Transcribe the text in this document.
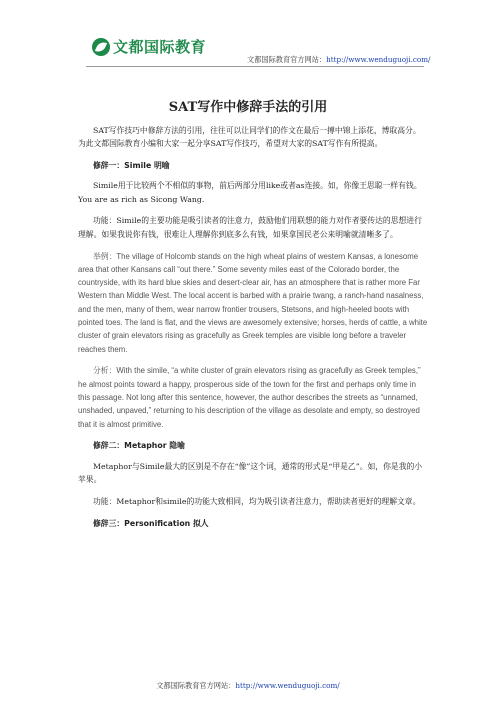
文都国际教育
文都国际教育官方网站：http://www.wenduguoji.com/
SAT写作中修辞手法的引用

SAT写作技巧中修辞方法的引用，往往可以让同学们的作文在最后一搏中锦上添花，博取高分。为此文都国际教育小编和大家一起分享SAT写作技巧，希望对大家的SAT写作有所提高。

修辞一：Simile 明喻

Simile用于比较两个不相似的事物，前后两部分用like或者as连接。如，你像王思聪一样有钱。You are as rich as Sicong Wang.

功能：Simile的主要功能是吸引读者的注意力，鼓励他们用联想的能力对作者要传达的思想进行理解。如果我说你有钱，很难让人理解你到底多么有钱，如果拿国民老公来明喻就清晰多了。

举例：The village of Holcomb stands on the high wheat plains of western Kansas, a lonesome area that other Kansans call “out there.” Some seventy miles east of the Colorado border, the countryside, with its hard blue skies and desert-clear air, has an atmosphere that is rather more Far Western than Middle West. The local accent is barbed with a prairie twang, a ranch-hand nasalness, and the men, many of them, wear narrow frontier trousers, Stetsons, and high-heeled boots with pointed toes. The land is flat, and the views are awesomely extensive; horses, herds of cattle, a white cluster of grain elevators rising as gracefully as Greek temples are visible long before a traveler reaches them.

分析：With the simile, “a white cluster of grain elevators rising as gracefully as Greek temples,” he almost points toward a happy, prosperous side of the town for the first and perhaps only time in this passage. Not long after this sentence, however, the author describes the streets as “unnamed, unshaded, unpaved,” returning to his description of the village as desolate and empty, so destroyed that it is almost primitive.

修辞二：Metaphor 隐喻

Metaphor与Simile最大的区别是不存在“像”这个词，通常的形式是“甲是乙”。如，你是我的小苹果。

功能：Metaphor和simile的功能大致相同，均为吸引读者注意力，帮助读者更好的理解文章。

修辞三：Personification 拟人

文都国际教育官方网站：http://www.wenduguoji.com/
